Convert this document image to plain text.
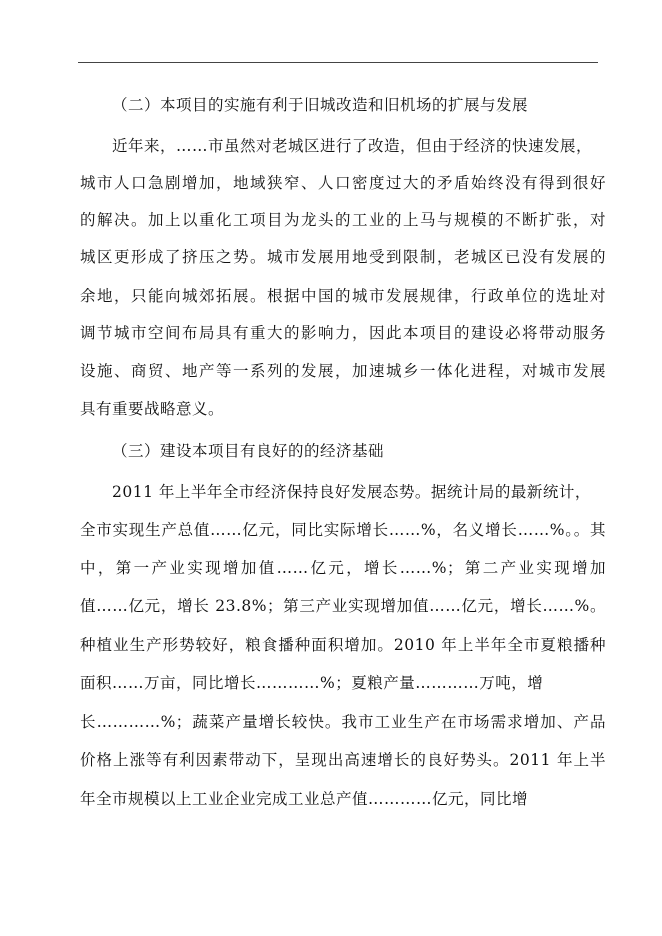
（二）本项目的实施有利于旧城改造和旧机场的扩展与发展
近年来，……市虽然对老城区进行了改造，但由于经济的快速发展，
城市人口急剧增加，地域狭窄、人口密度过大的矛盾始终没有得到很好
的解决。加上以重化工项目为龙头的工业的上马与规模的不断扩张，对
城区更形成了挤压之势。城市发展用地受到限制，老城区已没有发展的
余地，只能向城郊拓展。根据中国的城市发展规律，行政单位的选址对
调节城市空间布局具有重大的影响力，因此本项目的建设必将带动服务
设施、商贸、地产等一系列的发展，加速城乡一体化进程，对城市发展
具有重要战略意义。
（三）建设本项目有良好的的经济基础
2011 年上半年全市经济保持良好发展态势。据统计局的最新统计，
全市实现生产总值……亿元，同比实际增长……%，名义增长……%。。其
中，第一产业实现增加值……亿元，增长……%；第二产业实现增加
值……亿元，增长 23.8%；第三产业实现增加值……亿元，增长……%。
种植业生产形势较好，粮食播种面积增加。2010 年上半年全市夏粮播种
面积……万亩，同比增长…………%；夏粮产量…………万吨，增
长…………%；蔬菜产量增长较快。我市工业生产在市场需求增加、产品
价格上涨等有利因素带动下，呈现出高速增长的良好势头。2011 年上半
年全市规模以上工业企业完成工业总产值…………亿元，同比增
